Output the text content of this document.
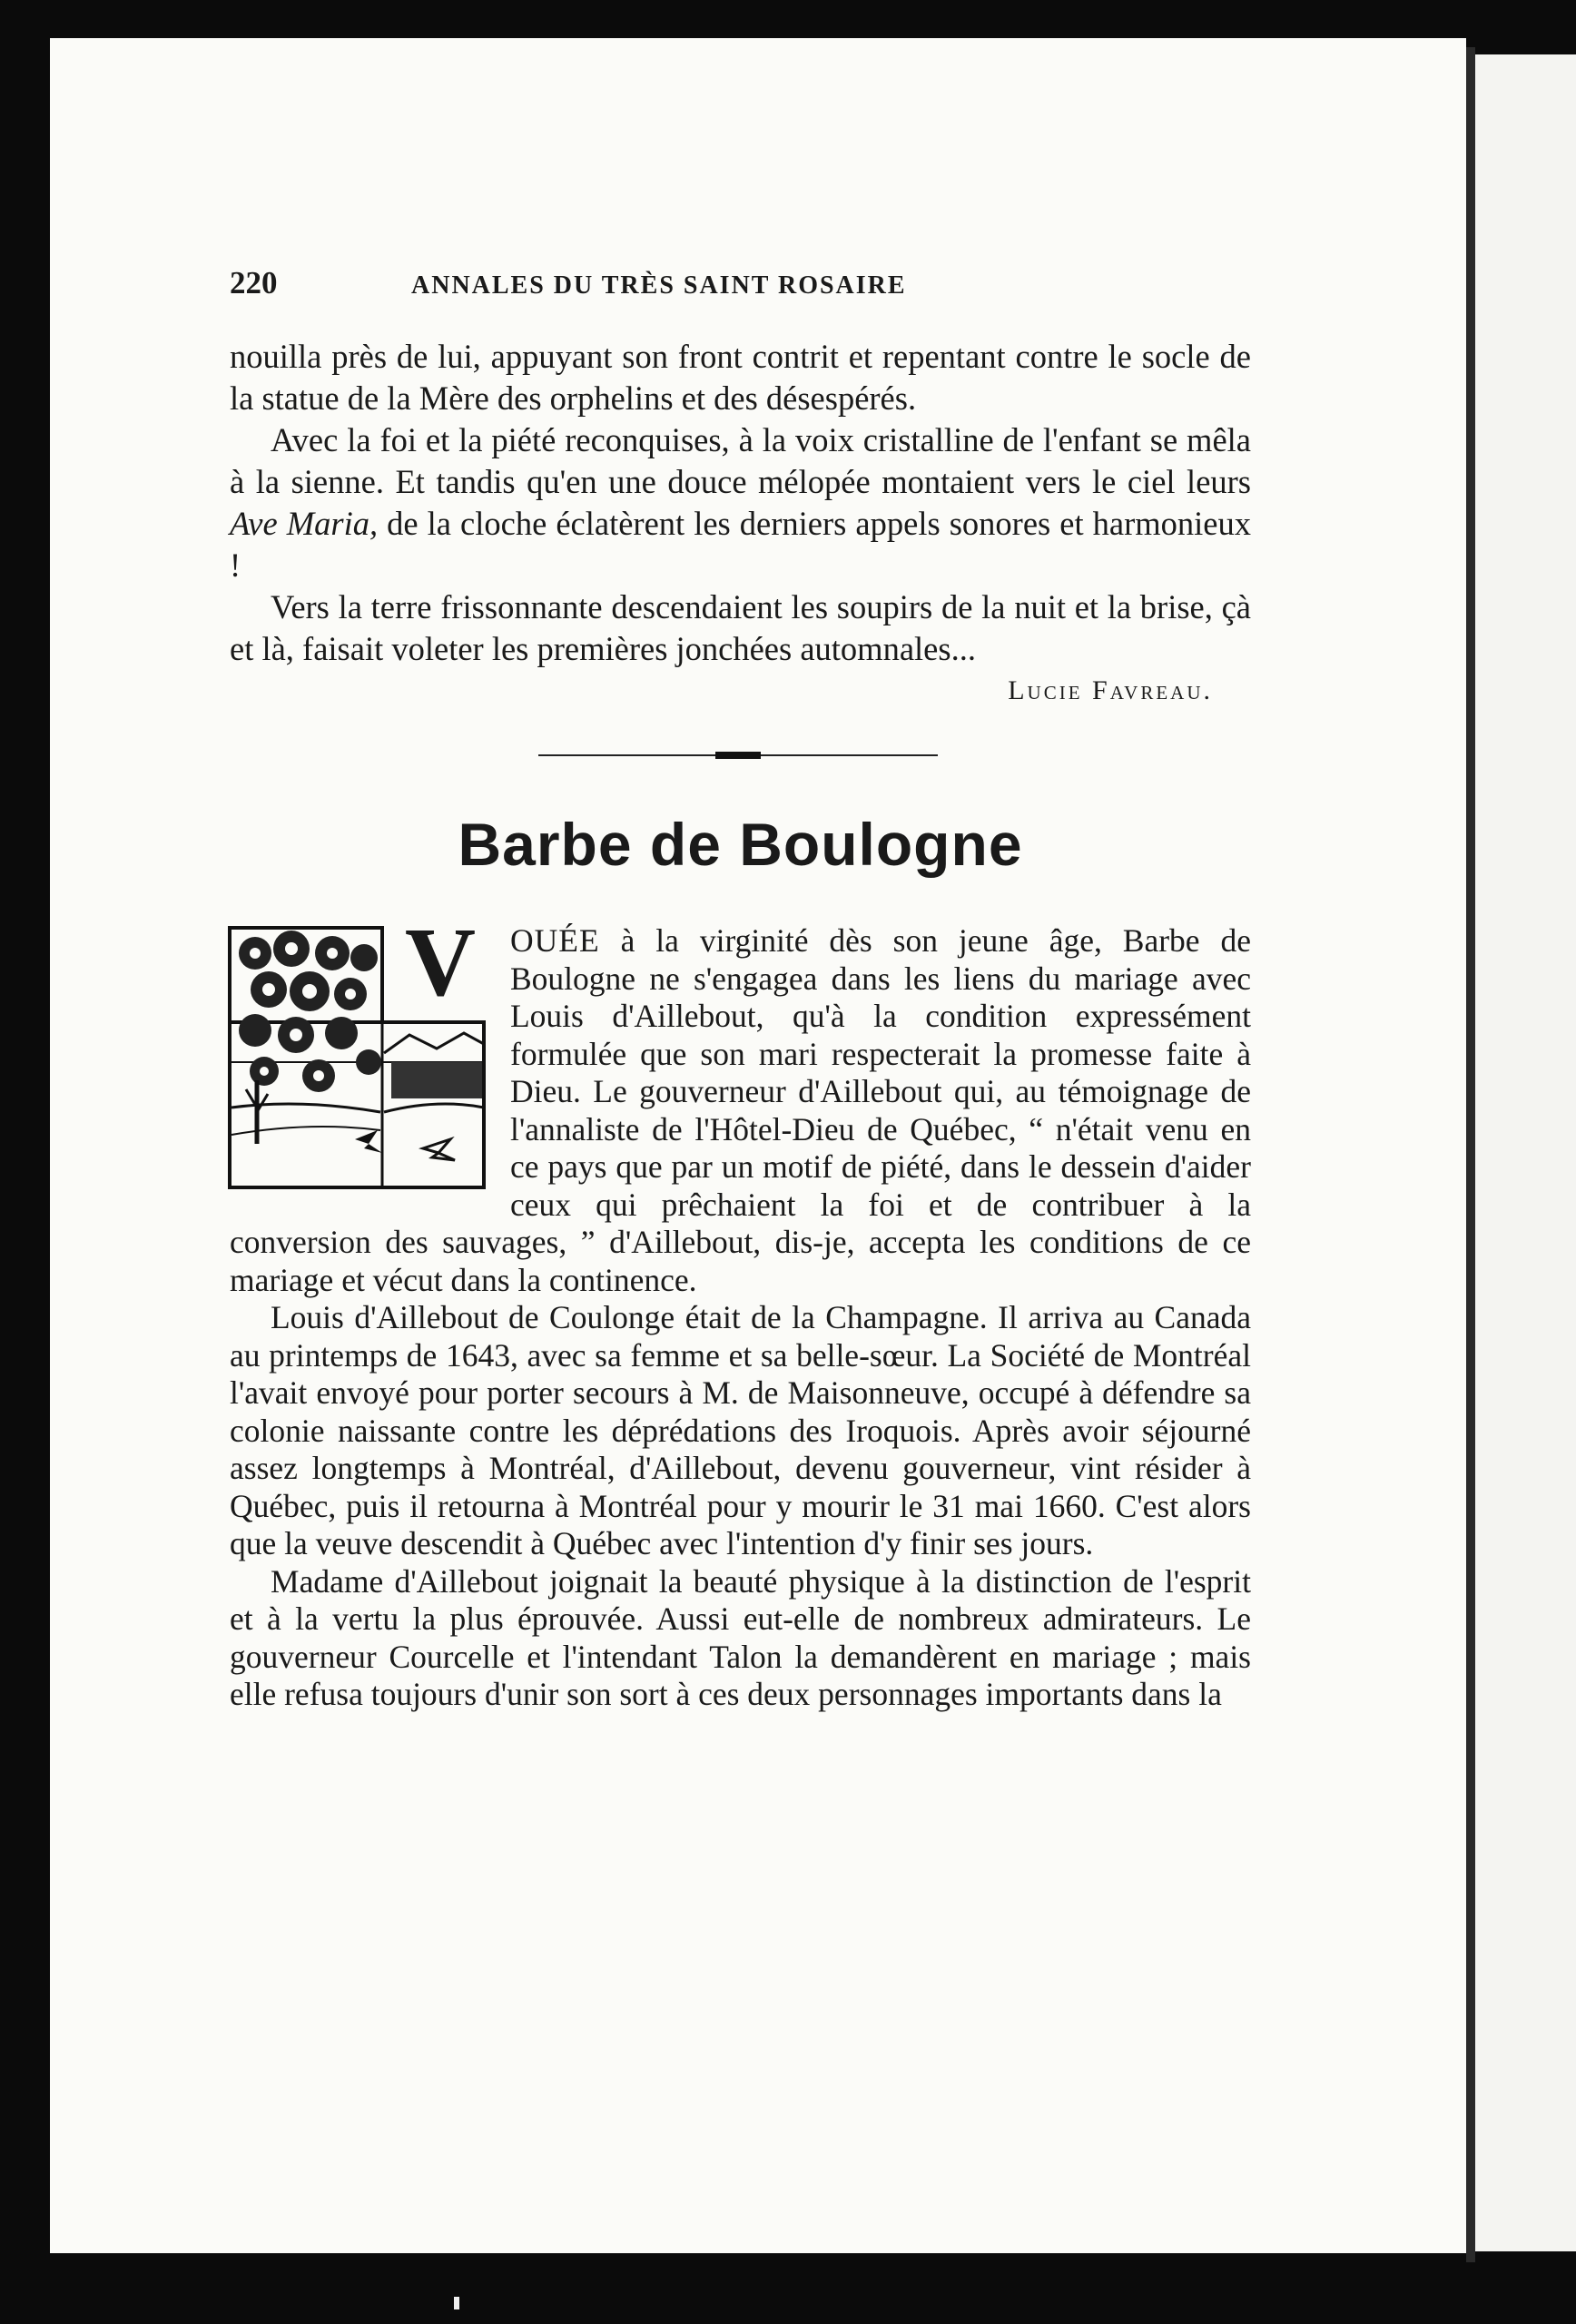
220	ANNALES DU TRÈS SAINT ROSAIRE

nouilla près de lui, appuyant son front contrit et repentant contre le socle de la statue de la Mère des orphelins et des désespérés.

Avec la foi et la piété reconquises, à la voix cristalline de l'enfant se mêla à la sienne. Et tandis qu'en une douce mélopée montaient vers le ciel leurs Ave Maria, de la cloche éclatèrent les derniers appels sonores et harmonieux !

Vers la terre frissonnante descendaient les soupirs de la nuit et la brise, çà et là, faisait voleter les premières jonchées automnales...

Lucie Favreau.
Barbe de Boulogne

V OUÉE à la virginité dès son jeune âge, Barbe de Boulogne ne s'engagea dans les liens du mariage avec Louis d'Aillebout, qu'à la condition expressément formulée que son mari respecterait la promesse faite à Dieu. Le gouverneur d'Aillebout qui, au témoignage de l'annaliste de l'Hôtel-Dieu de Québec, “ n'était venu en ce pays que par un motif de piété, dans le dessein d'aider ceux qui prêchaient la foi et de contribuer à la conversion des sauvages, ” d'Aillebout, dis-je, accepta les conditions de ce mariage et vécut dans la continence.

Louis d'Aillebout de Coulonge était de la Champagne. Il arriva au Canada au printemps de 1643, avec sa femme et sa belle-sœur. La Société de Montréal l'avait envoyé pour porter secours à M. de Maisonneuve, occupé à défendre sa colonie naissante contre les déprédations des Iroquois. Après avoir séjourné assez longtemps à Montréal, d'Aillebout, devenu gouverneur, vint résider à Québec, puis il retourna à Montréal pour y mourir le 31 mai 1660. C'est alors que la veuve descendit à Québec avec l'intention d'y finir ses jours.

Madame d'Aillebout joignait la beauté physique à la distinction de l'esprit et à la vertu la plus éprouvée. Aussi eut-elle de nombreux admirateurs. Le gouverneur Courcelle et l'intendant Talon la demandèrent en mariage ; mais elle refusa toujours d'unir son sort à ces deux personnages importants dans la
